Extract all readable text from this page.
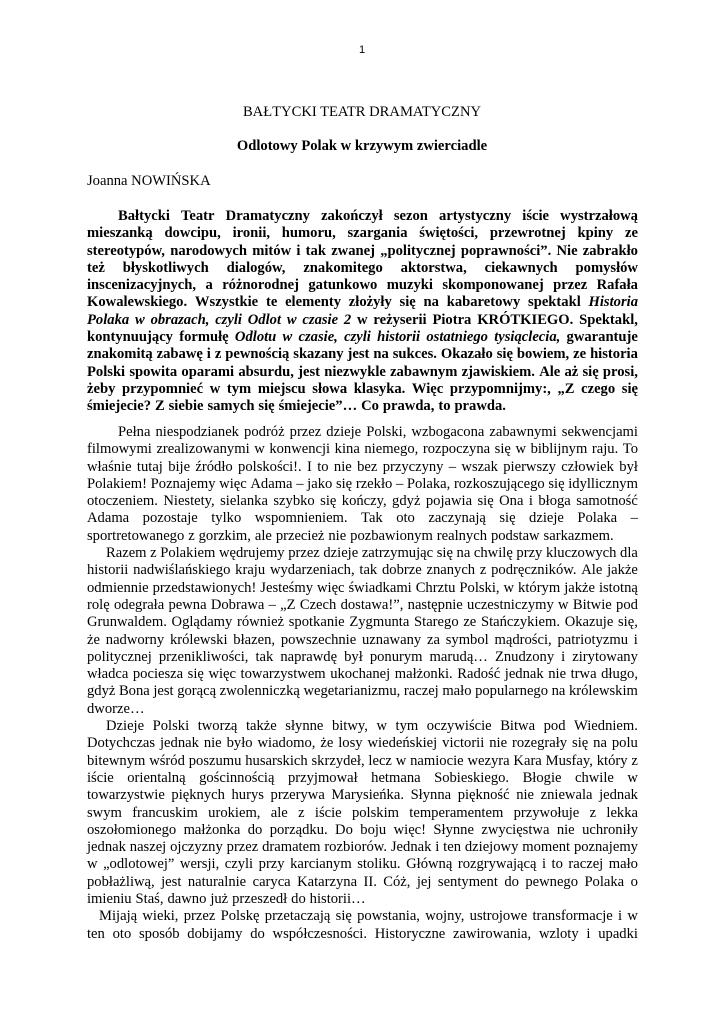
1
BAŁTYCKI TEATR DRAMATYCZNY
Odlotowy Polak w krzywym zwierciadle
Joanna NOWIŃSKA
Bałtycki Teatr Dramatyczny zakończył sezon artystyczny iście wystrzałową
mieszanką dowcipu, ironii, humoru, szargania świętości, przewrotnej kpiny ze
stereotypów, narodowych mitów i tak zwanej „politycznej poprawności”. Nie zabrakło
też błyskotliwych dialogów, znakomitego aktorstwa, ciekawnych pomysłów
inscenizacyjnych, a różnorodnej gatunkowo muzyki skomponowanej przez Rafała
Kowalewskiego. Wszystkie te elementy złożyły się na kabaretowy spektakl Historia
Polaka w obrazach, czyli Odlot w czasie 2 w reżyserii Piotra KRÓTKIEGO. Spektakl,
kontynuujący formułę Odlotu w czasie, czyli historii ostatniego tysiąclecia, gwarantuje
znakomitą zabawę i z pewnością skazany jest na sukces. Okazało się bowiem, ze historia
Polski spowita oparami absurdu, jest niezwykle zabawnym zjawiskiem. Ale aż się prosi,
żeby przypomnieć w tym miejscu słowa klasyka. Więc przypomnijmy:, „Z czego się
śmiejecie? Z siebie samych się śmiejecie”… Co prawda, to prawda.
Pełna niespodzianek podróż przez dzieje Polski, wzbogacona zabawnymi sekwencjami
filmowymi zrealizowanymi w konwencji kina niemego, rozpoczyna się w biblijnym raju. To
właśnie tutaj bije źródło polskości!. I to nie bez przyczyny – wszak pierwszy człowiek był
Polakiem! Poznajemy więc Adama – jako się rzekło – Polaka, rozkoszującego się idyllicznym
otoczeniem. Niestety, sielanka szybko się kończy, gdyż pojawia się Ona i błoga samotność
Adama pozostaje tylko wspomnieniem. Tak oto zaczynają się dzieje Polaka –
sportretowanego z gorzkim, ale przecież nie pozbawionym realnych podstaw sarkazmem.
Razem z Polakiem wędrujemy przez dzieje zatrzymując się na chwilę przy kluczowych dla
historii nadwiślańskiego kraju wydarzeniach, tak dobrze znanych z podręczników. Ale jakże
odmiennie przedstawionych! Jesteśmy więc świadkami Chrztu Polski, w którym jakże istotną
rolę odegrała pewna Dobrawa – „Z Czech dostawa!”, następnie uczestniczymy w Bitwie pod
Grunwaldem. Oglądamy również spotkanie Zygmunta Starego ze Stańczykiem. Okazuje się,
że nadworny królewski błazen, powszechnie uznawany za symbol mądrości, patriotyzmu i
politycznej przenikliwości, tak naprawdę był ponurym marudą… Znudzony i zirytowany
władca pociesza się więc towarzystwem ukochanej małżonki. Radość jednak nie trwa długo,
gdyż Bona jest gorącą zwolenniczką wegetarianizmu, raczej mało popularnego na królewskim
dworze…
Dzieje Polski tworzą także słynne bitwy, w tym oczywiście Bitwa pod Wiedniem.
Dotychczas jednak nie było wiadomo, że losy wiedeńskiej victorii nie rozegrały się na polu
bitewnym wśród poszumu husarskich skrzydeł, lecz w namiocie wezyra Kara Musfay, który z
iście orientalną gościnnością przyjmował hetmana Sobieskiego. Błogie chwile w
towarzystwie pięknych hurys przerywa Marysieńka. Słynna piękność nie zniewala jednak
swym francuskim urokiem, ale z iście polskim temperamentem przywołuje z lekka
oszołomionego małżonka do porządku. Do boju więc! Słynne zwycięstwa nie uchroniły
jednak naszej ojczyzny przez dramatem rozbiorów. Jednak i ten dziejowy moment poznajemy
w „odlotowej” wersji, czyli przy karcianym stoliku. Główną rozgrywającą i to raczej mało
pobłażliwą, jest naturalnie caryca Katarzyna II. Cóż, jej sentyment do pewnego Polaka o
imieniu Staś, dawno już przeszedł do historii…
Mijają wieki, przez Polskę przetaczają się powstania, wojny, ustrojowe transformacje i w
ten oto sposób dobijamy do współczesności. Historyczne zawirowania, wzloty i upadki
